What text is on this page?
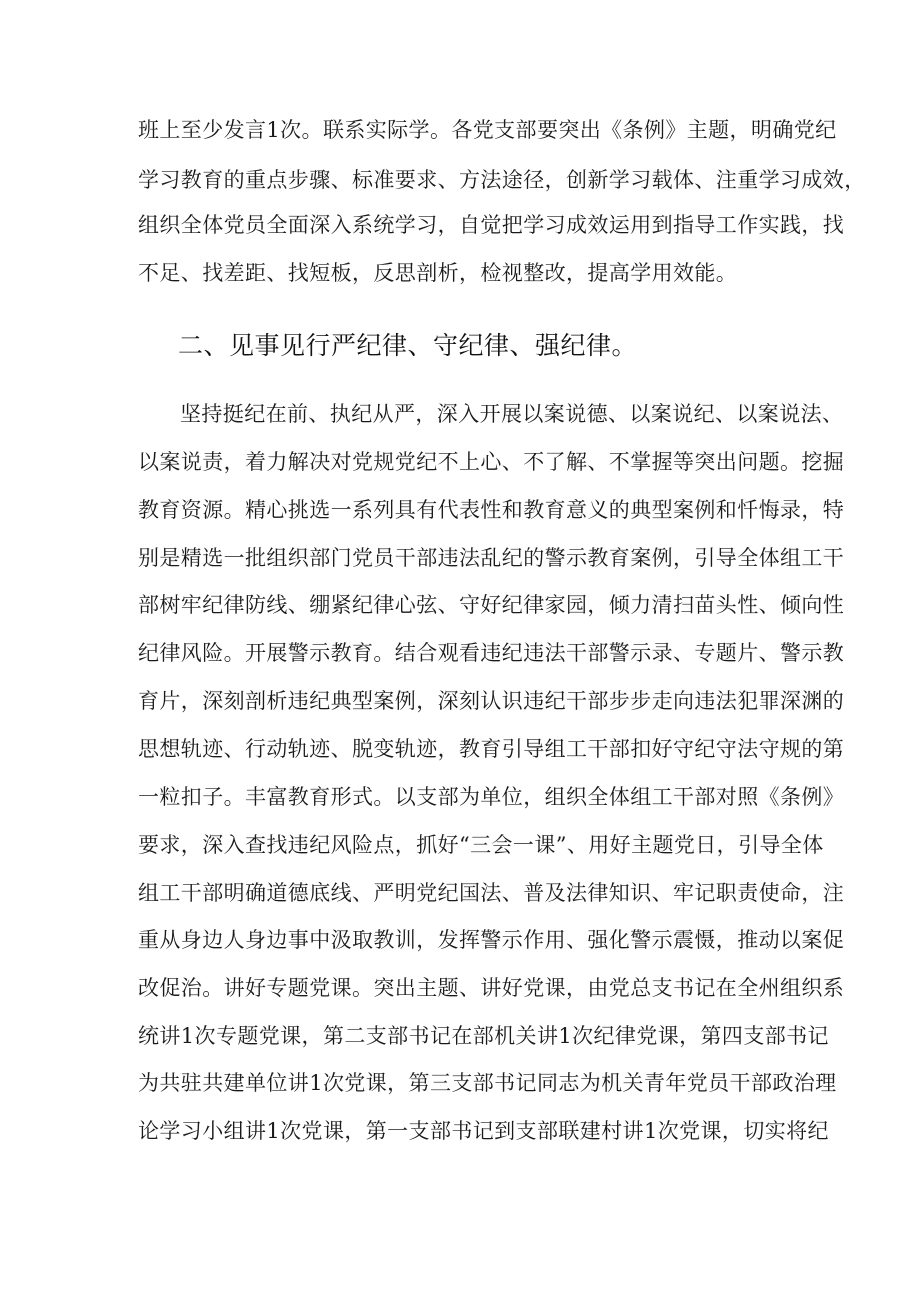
班上至少发言1次。联系实际学。各党支部要突出《条例》主题，明确党纪
学习教育的重点步骤、标准要求、方法途径，创新学习载体、注重学习成效，
组织全体党员全面深入系统学习，自觉把学习成效运用到指导工作实践，找
不足、找差距、找短板，反思剖析，检视整改，提高学用效能。
二、见事见行严纪律、守纪律、强纪律。
坚持挺纪在前、执纪从严，深入开展以案说德、以案说纪、以案说法、
以案说责，着力解决对党规党纪不上心、不了解、不掌握等突出问题。挖掘
教育资源。精心挑选一系列具有代表性和教育意义的典型案例和忏悔录，特
别是精选一批组织部门党员干部违法乱纪的警示教育案例，引导全体组工干
部树牢纪律防线、绷紧纪律心弦、守好纪律家园，倾力清扫苗头性、倾向性
纪律风险。开展警示教育。结合观看违纪违法干部警示录、专题片、警示教
育片，深刻剖析违纪典型案例，深刻认识违纪干部步步走向违法犯罪深渊的
思想轨迹、行动轨迹、脱变轨迹，教育引导组工干部扣好守纪守法守规的第
一粒扣子。丰富教育形式。以支部为单位，组织全体组工干部对照《条例》
要求，深入查找违纪风险点，抓好“三会一课”、用好主题党日，引导全体
组工干部明确道德底线、严明党纪国法、普及法律知识、牢记职责使命，注
重从身边人身边事中汲取教训，发挥警示作用、强化警示震慑，推动以案促
改促治。讲好专题党课。突出主题、讲好党课，由党总支书记在全州组织系
统讲1次专题党课，第二支部书记在部机关讲1次纪律党课，第四支部书记
为共驻共建单位讲1次党课，第三支部书记同志为机关青年党员干部政治理
论学习小组讲1次党课，第一支部书记到支部联建村讲1次党课，切实将纪
